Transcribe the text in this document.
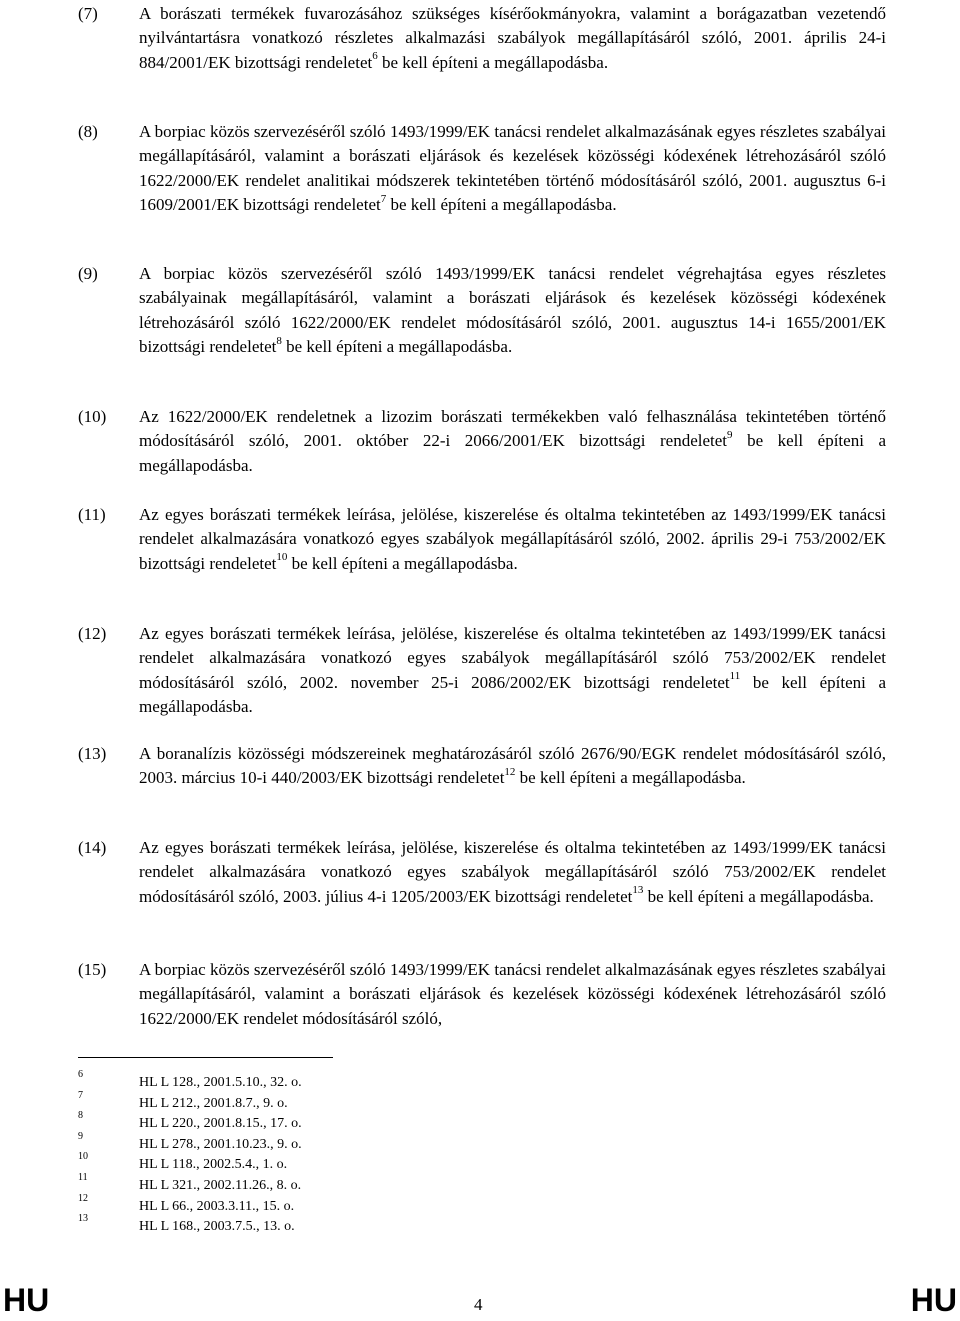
(7) A borászati termékek fuvarozásához szükséges kísérőokmányokra, valamint a borágazatban vezetendő nyilvántartásra vonatkozó részletes alkalmazási szabályok megállapításáról szóló, 2001. április 24-i 884/2001/EK bizottsági rendeletet$^6$ be kell építeni a megállapodásba.
(8) A borpiac közös szervezéséről szóló 1493/1999/EK tanácsi rendelet alkalmazásának egyes részletes szabályai megállapításáról, valamint a borászati eljárások és kezelések közösségi kódexének létrehozásáról szóló 1622/2000/EK rendelet analitikai módszerek tekintetében történő módosításáról szóló, 2001. augusztus 6-i 1609/2001/EK bizottsági rendeletet$^7$ be kell építeni a megállapodásba.
(9) A borpiac közös szervezéséről szóló 1493/1999/EK tanácsi rendelet végrehajtása egyes részletes szabályainak megállapításáról, valamint a borászati eljárások és kezelések közösségi kódexének létrehozásáról szóló 1622/2000/EK rendelet módosításáról szóló, 2001. augusztus 14-i 1655/2001/EK bizottsági rendeletet$^8$ be kell építeni a megállapodásba.
(10) Az 1622/2000/EK rendeletnek a lizozim borászati termékekben való felhasználása tekintetében történő módosításáról szóló, 2001. október 22-i 2066/2001/EK bizottsági rendeletet$^9$ be kell építeni a megállapodásba.
(11) Az egyes borászati termékek leírása, jelölése, kiszerelése és oltalma tekintetében az 1493/1999/EK tanácsi rendelet alkalmazására vonatkozó egyes szabályok megállapításáról szóló, 2002. április 29-i 753/2002/EK bizottsági rendeletet$^{10}$ be kell építeni a megállapodásba.
(12) Az egyes borászati termékek leírása, jelölése, kiszerelése és oltalma tekintetében az 1493/1999/EK tanácsi rendelet alkalmazására vonatkozó egyes szabályok megállapításáról szóló 753/2002/EK rendelet módosításáról szóló, 2002. november 25-i 2086/2002/EK bizottsági rendeletet$^{11}$ be kell építeni a megállapodásba.
(13) A boranalízis közösségi módszereinek meghatározásáról szóló 2676/90/EGK rendelet módosításáról szóló, 2003. március 10-i 440/2003/EK bizottsági rendeletet$^{12}$ be kell építeni a megállapodásba.
(14) Az egyes borászati termékek leírása, jelölése, kiszerelése és oltalma tekintetében az 1493/1999/EK tanácsi rendelet alkalmazására vonatkozó egyes szabályok megállapításáról szóló 753/2002/EK rendelet módosításáról szóló, 2003. július 4-i 1205/2003/EK bizottsági rendeletet$^{13}$ be kell építeni a megállapodásba.
(15) A borpiac közös szervezéséről szóló 1493/1999/EK tanácsi rendelet alkalmazásának egyes részletes szabályai megállapításáról, valamint a borászati eljárások és kezelések közösségi kódexének létrehozásáról szóló 1622/2000/EK rendelet módosításáról szóló,
6
HL L 128., 2001.5.10., 32. o.
7
HL L 212., 2001.8.7., 9. o.
8
HL L 220., 2001.8.15., 17. o.
9
HL L 278., 2001.10.23., 9. o.
10
HL L 118., 2002.5.4., 1. o.
11
HL L 321., 2002.11.26., 8. o.
12
HL L 66., 2003.3.11., 15. o.
13
HL L 168., 2003.7.5., 13. o.
HU	4	HU
